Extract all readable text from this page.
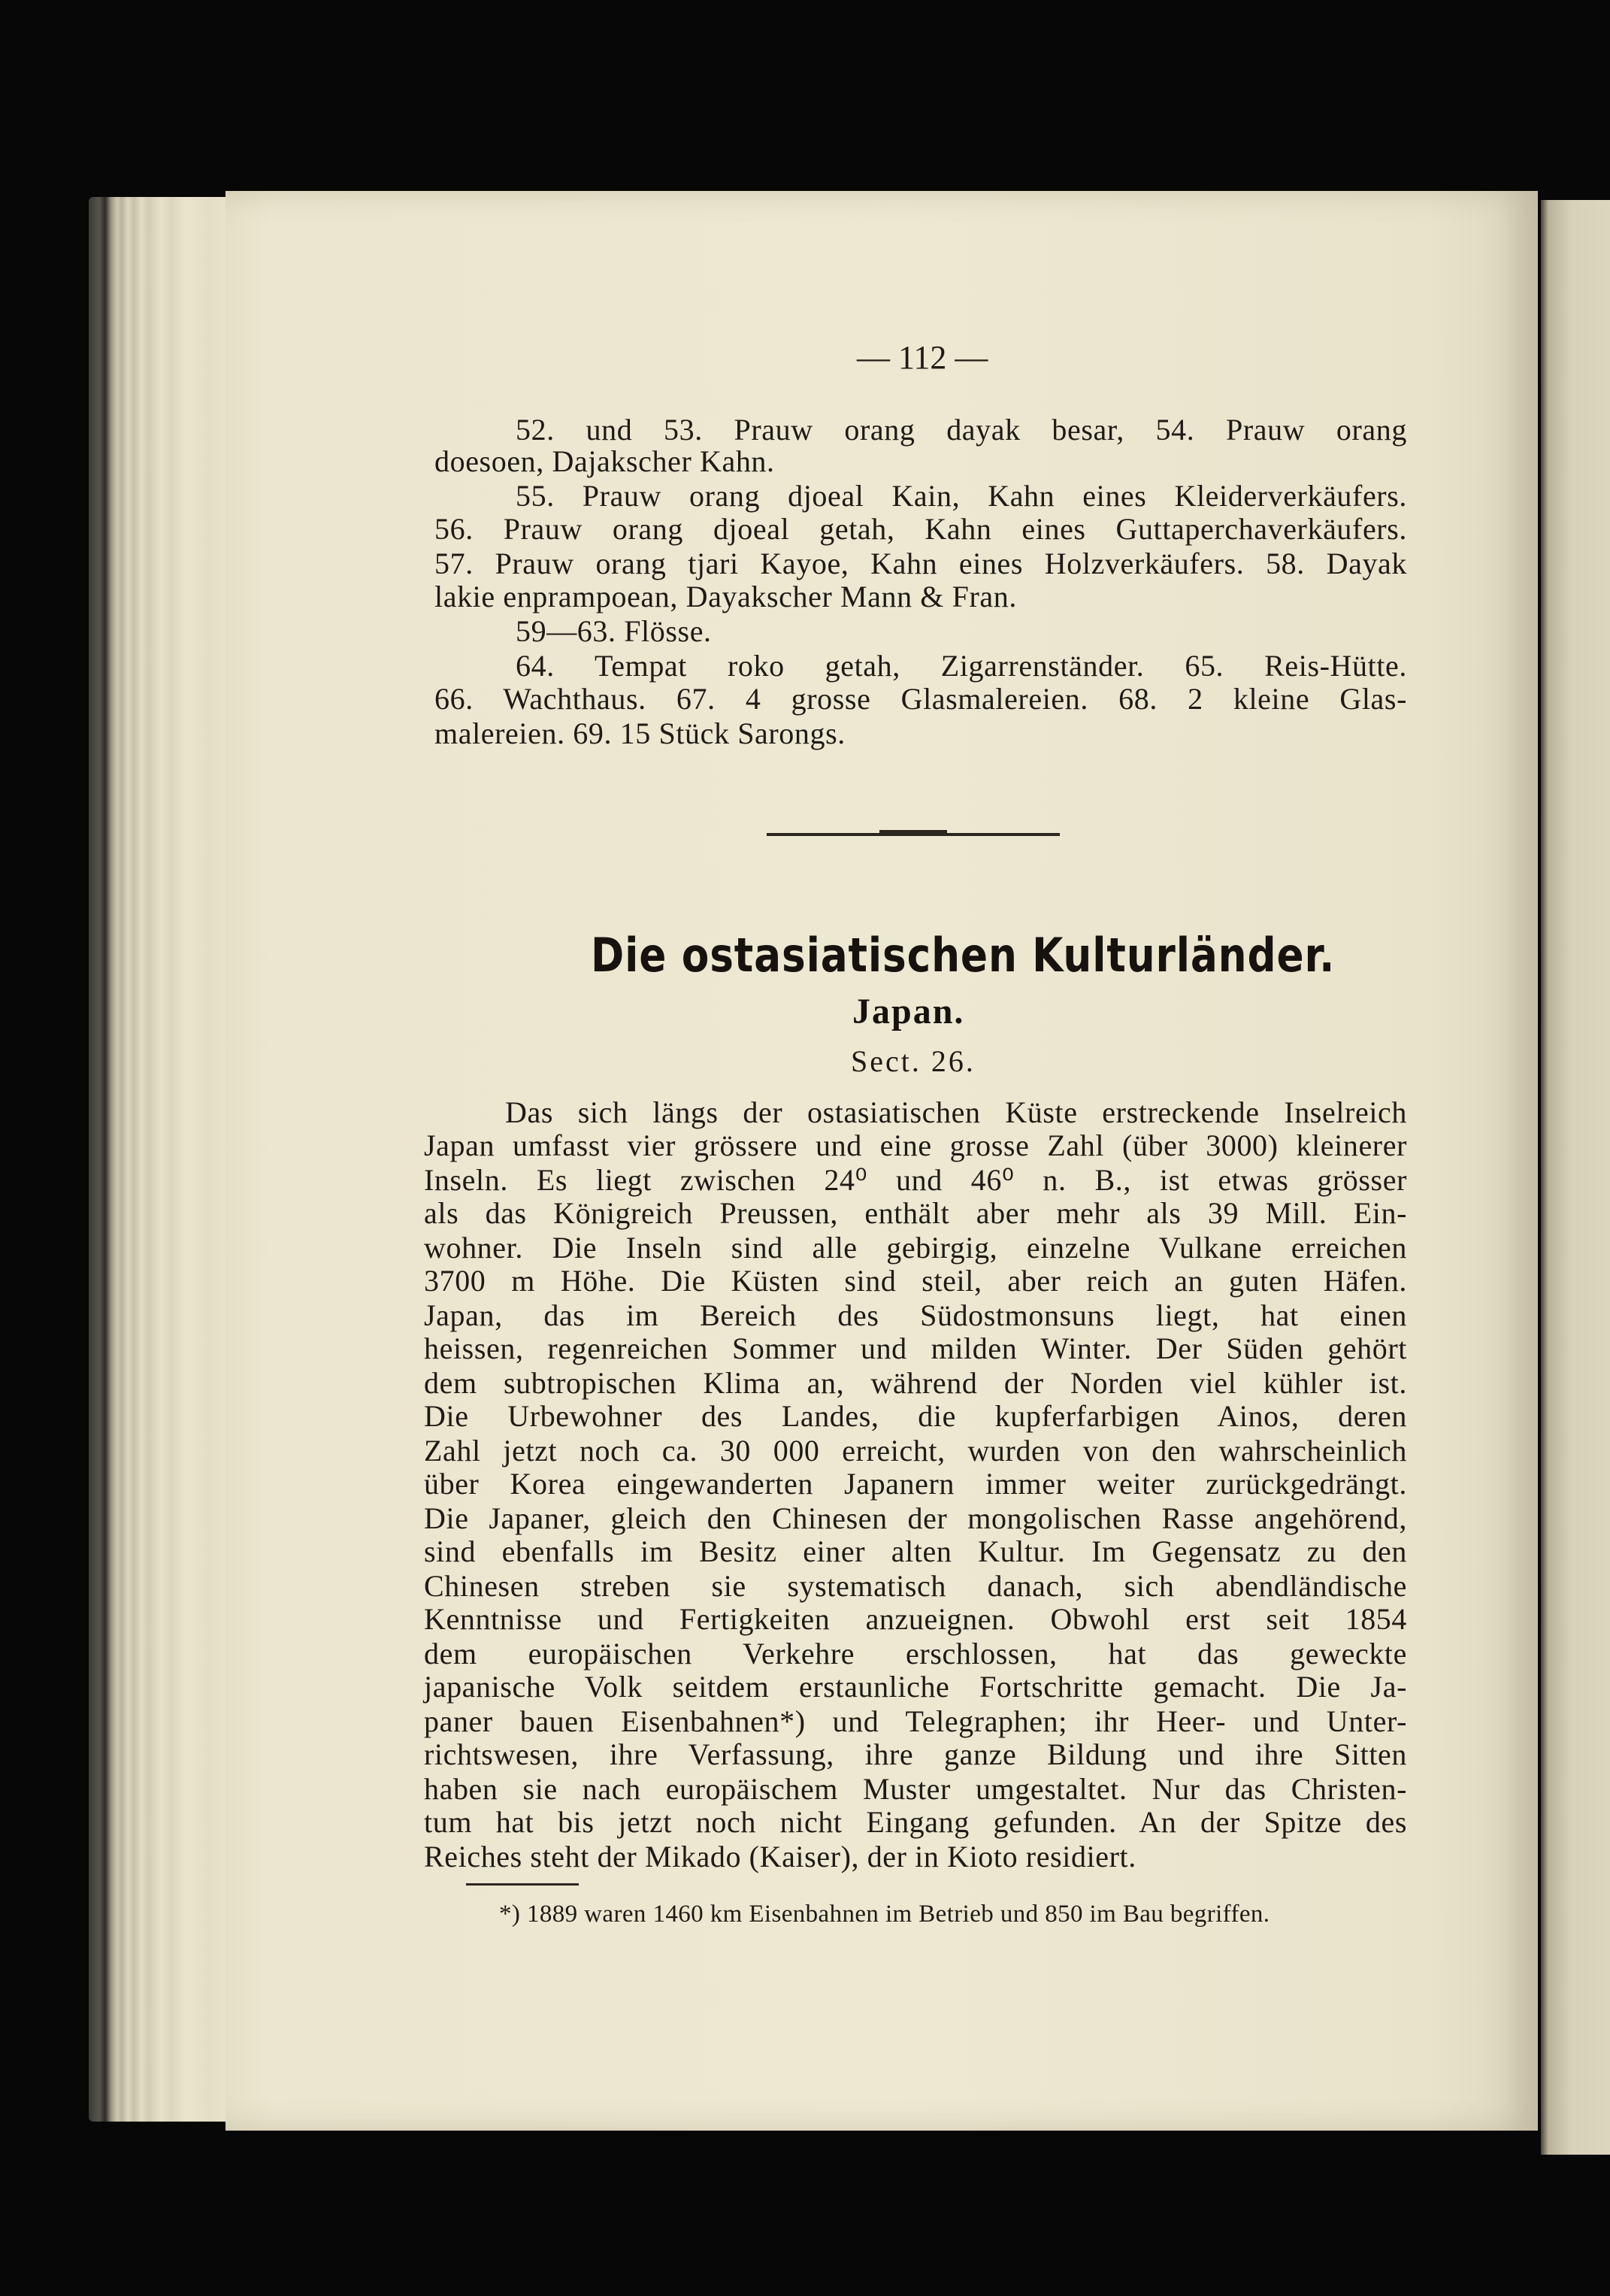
— 112 —
52. und 53. Prauw orang dayak besar, 54. Prauw orang
doesoen, Dajakscher Kahn.
55. Prauw orang djoeal Kain, Kahn eines Kleiderverkäufers.
56. Prauw orang djoeal getah, Kahn eines Guttaperchaverkäufers.
57. Prauw orang tjari Kayoe, Kahn eines Holzverkäufers. 58. Dayak
lakie enprampoean, Dayakscher Mann & Fran.
59—63. Flösse.
64. Tempat roko getah, Zigarrenständer. 65. Reis-Hütte.
66. Wachthaus. 67. 4 grosse Glasmalereien. 68. 2 kleine Glas-
malereien. 69. 15 Stück Sarongs.
Die ostasiatischen Kulturländer.
Japan.
Sect. 26.
Das sich längs der ostasiatischen Küste erstreckende Inselreich
Japan umfasst vier grössere und eine grosse Zahl (über 3000) kleinerer
Inseln. Es liegt zwischen 24⁰ und 46⁰ n. B., ist etwas grösser
als das Königreich Preussen, enthält aber mehr als 39 Mill. Ein-
wohner. Die Inseln sind alle gebirgig, einzelne Vulkane erreichen
3700 m Höhe. Die Küsten sind steil, aber reich an guten Häfen.
Japan, das im Bereich des Südostmonsuns liegt, hat einen
heissen, regenreichen Sommer und milden Winter. Der Süden gehört
dem subtropischen Klima an, während der Norden viel kühler ist.
Die Urbewohner des Landes, die kupferfarbigen Ainos, deren
Zahl jetzt noch ca. 30 000 erreicht, wurden von den wahrscheinlich
über Korea eingewanderten Japanern immer weiter zurückgedrängt.
Die Japaner, gleich den Chinesen der mongolischen Rasse angehörend,
sind ebenfalls im Besitz einer alten Kultur. Im Gegensatz zu den
Chinesen streben sie systematisch danach, sich abendländische
Kenntnisse und Fertigkeiten anzueignen. Obwohl erst seit 1854
dem europäischen Verkehre erschlossen, hat das geweckte
japanische Volk seitdem erstaunliche Fortschritte gemacht. Die Ja-
paner bauen Eisenbahnen*) und Telegraphen; ihr Heer- und Unter-
richtswesen, ihre Verfassung, ihre ganze Bildung und ihre Sitten
haben sie nach europäischem Muster umgestaltet. Nur das Christen-
tum hat bis jetzt noch nicht Eingang gefunden. An der Spitze des
Reiches steht der Mikado (Kaiser), der in Kioto residiert.
*) 1889 waren 1460 km Eisenbahnen im Betrieb und 850 im Bau begriffen.
